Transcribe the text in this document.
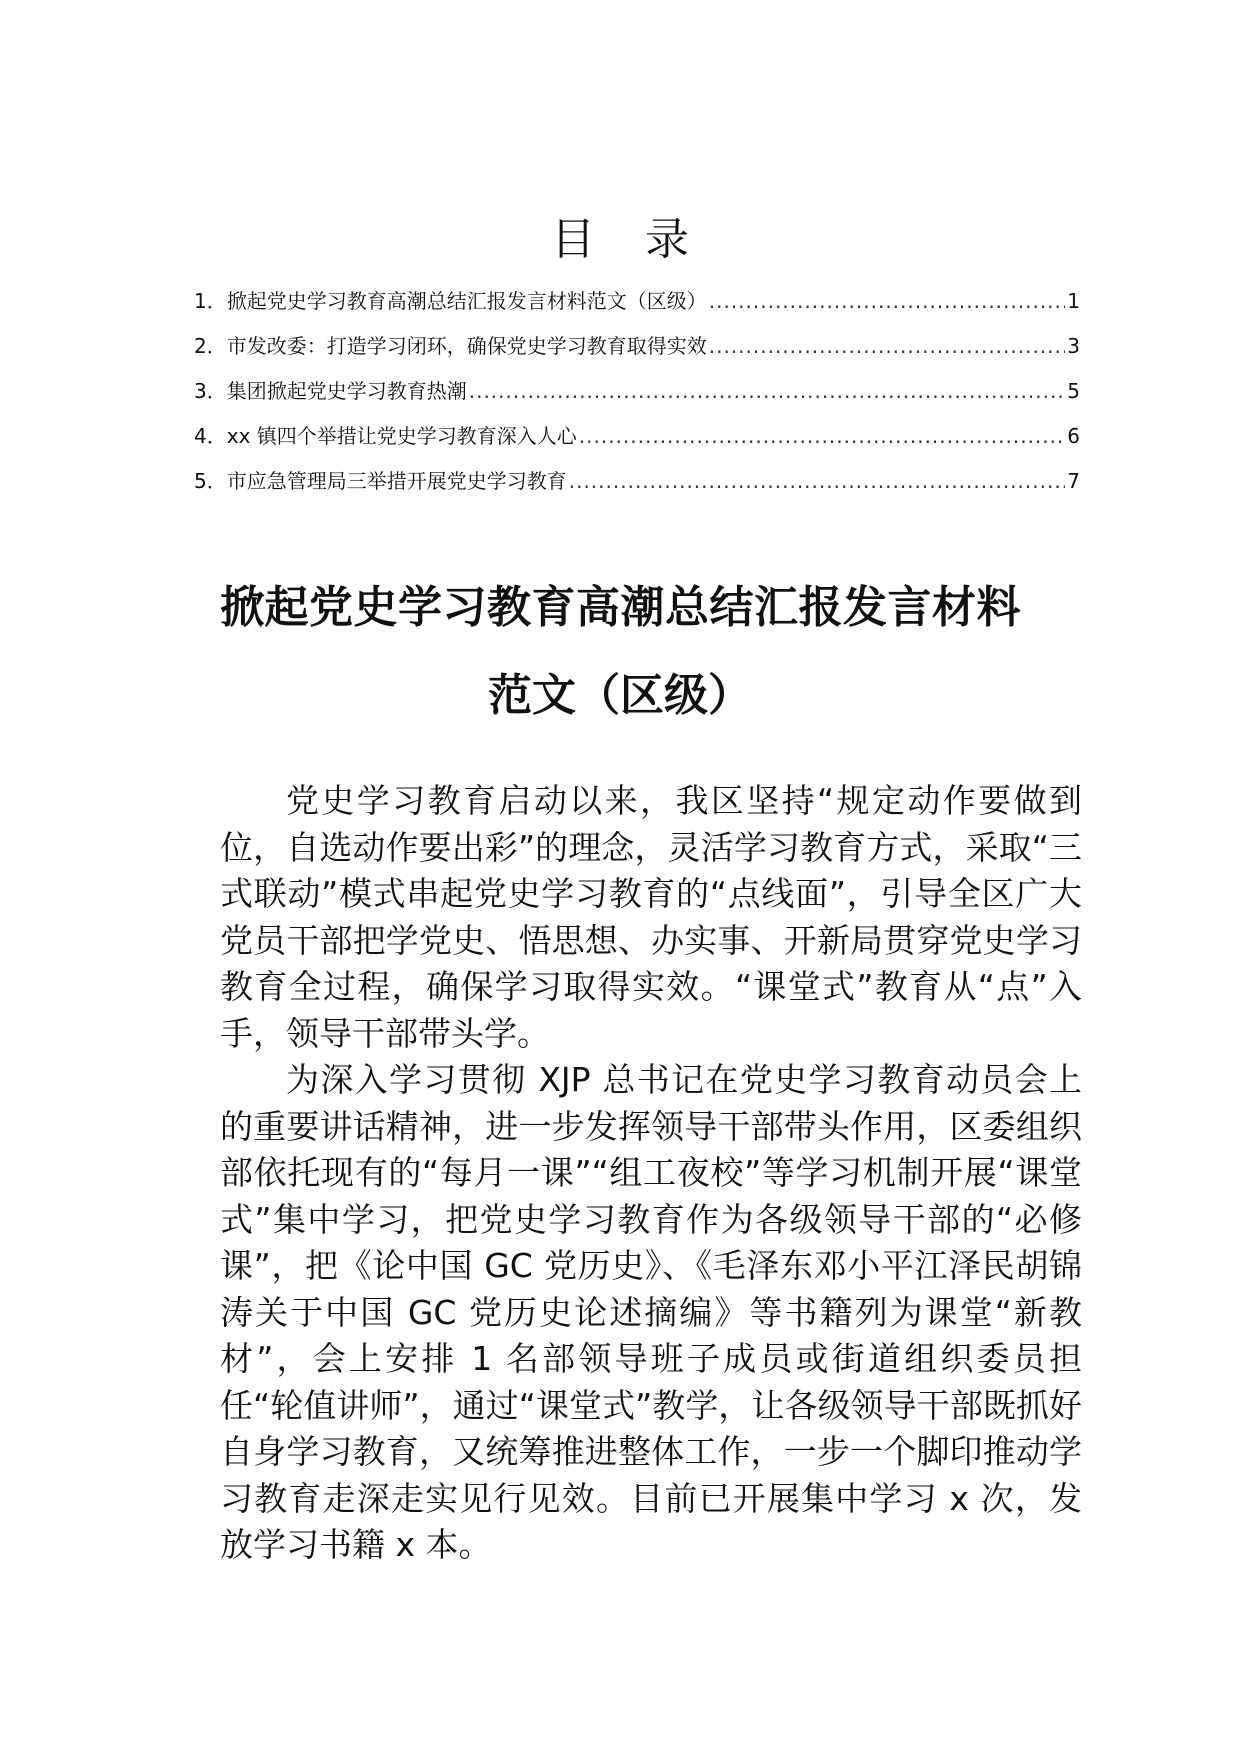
目 录
1． 掀起党史学习教育高潮总结汇报发言材料范文（区级） .....	1
2． 市发改委：打造学习闭环，确保党史学习教育取得实效 .....	3
3． 集团掀起党史学习教育热潮 .....	5
4． xx 镇四个举措让党史学习教育深入人心 .....	6
5． 市应急管理局三举措开展党史学习教育 .....	7
掀起党史学习教育高潮总结汇报发言材料
范文（区级）

党史学习教育启动以来，我区坚持“规定动作要做到位，自选动作要出彩”的理念，灵活学习教育方式，采取“三式联动”模式串起党史学习教育的“点线面”，引导全区广大党员干部把学党史、悟思想、办实事、开新局贯穿党史学习教育全过程，确保学习取得实效。“课堂式”教育从“点”入手，领导干部带头学。

为深入学习贯彻 XJP 总书记在党史学习教育动员会上的重要讲话精神，进一步发挥领导干部带头作用，区委组织部依托现有的“每月一课”“组工夜校”等学习机制开展“课堂式”集中学习，把党史学习教育作为各级领导干部的“必修课”，把《论中国 GC 党历史》、《毛泽东邓小平江泽民胡锦涛关于中国 GC 党历史论述摘编》等书籍列为课堂“新教材”，会上安排 1 名部领导班子成员或街道组织委员担任“轮值讲师”，通过“课堂式”教学，让各级领导干部既抓好自身学习教育，又统筹推进整体工作，一步一个脚印推动学习教育走深走实见行见效。目前已开展集中学习 x 次，发放学习书籍 x 本。
